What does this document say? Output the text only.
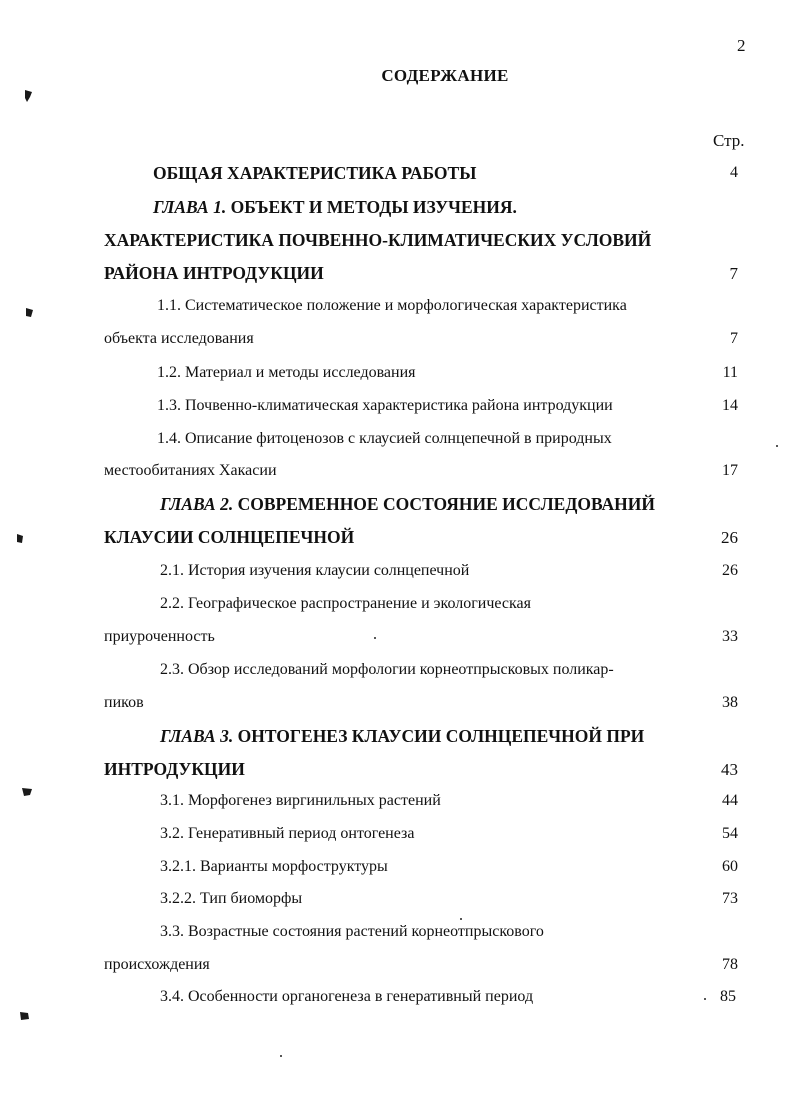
2
СОДЕРЖАНИЕ
Стр.
ОБЩАЯ ХАРАКТЕРИСТИКА РАБОТЫ	4
ГЛАВА 1. ОБЪЕКТ И МЕТОДЫ ИЗУЧЕНИЯ.
ХАРАКТЕРИСТИКА ПОЧВЕННО-КЛИМАТИЧЕСКИХ УСЛОВИЙ
РАЙОНА ИНТРОДУКЦИИ	7
1.1. Систематическое положение и морфологическая характеристика
объекта исследования	7
1.2. Материал и методы исследования	11
1.3. Почвенно-климатическая характеристика района интродукции	14
1.4. Описание фитоценозов с клаусией солнцепечной в природных
местообитаниях Хакасии	17
ГЛАВА 2. СОВРЕМЕННОЕ СОСТОЯНИЕ ИССЛЕДОВАНИЙ
КЛАУСИИ СОЛНЦЕПЕЧНОЙ	26
2.1. История изучения клаусии солнцепечной	26
2.2. Географическое распространение и экологическая
приуроченность	33
2.3. Обзор исследований морфологии корнеотпрысковых поликар-
пиков	38
ГЛАВА 3. ОНТОГЕНЕЗ КЛАУСИИ СОЛНЦЕПЕЧНОЙ ПРИ
ИНТРОДУКЦИИ	43
3.1. Морфогенез виргинильных растений	44
3.2. Генеративный период онтогенеза	54
3.2.1. Варианты морфоструктуры	60
3.2.2. Тип биоморфы	73
3.3. Возрастные состояния растений корнеотпрыскового
происхождения	78
3.4. Особенности органогенеза в генеративный период	85
